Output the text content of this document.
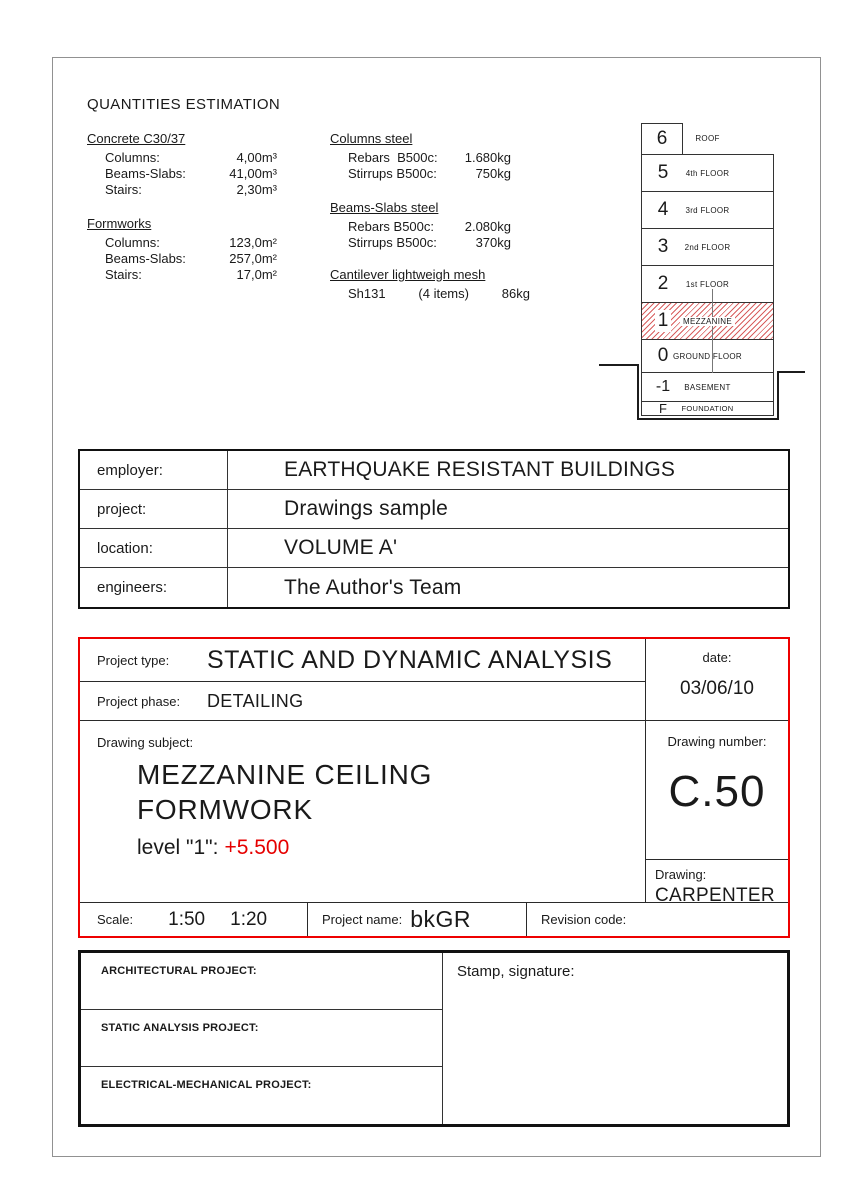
QUANTITIES ESTIMATION
Concrete C30/37
Columns:	4,00m³
Beams-Slabs:	41,00m³
Stairs:	2,30m³
Formworks
Columns:	123,0m²
Beams-Slabs:	257,0m²
Stairs:	17,0m²
Columns steel
Rebars  B500c:	1.680kg
Stirrups B500c:	750kg
Beams-Slabs steel
Rebars B500c:	2.080kg
Stirrups B500c:	370kg
Cantilever lightweigh mesh
Sh131	(4 items)	86kg
ROOF
6
5 4th FLOOR
4 3rd FLOOR
3 2nd FLOOR
2 1st FLOOR
1	MEZZANINE
0 GROUND FLOOR
-1 BASEMENT
F FOUNDATION
employer:	EARTHQUAKE RESISTANT BUILDINGS
project:	Drawings sample
location:	VOLUME A'
engineers:	The Author's Team
Project type:	STATIC AND DYNAMIC ANALYSIS
Project phase:	DETAILING
Drawing subject:
MEZZANINE CEILING
FORMWORK
level "1": +5.500
date:
03/06/10
Drawing number:
C.50
Drawing:
CARPENTER
Scale: 1:50 1:20	Project name: bkGR	Revision code:
ARCHITECTURAL PROJECT:
STATIC ANALYSIS PROJECT:
ELECTRICAL-MECHANICAL PROJECT:
Stamp, signature:
